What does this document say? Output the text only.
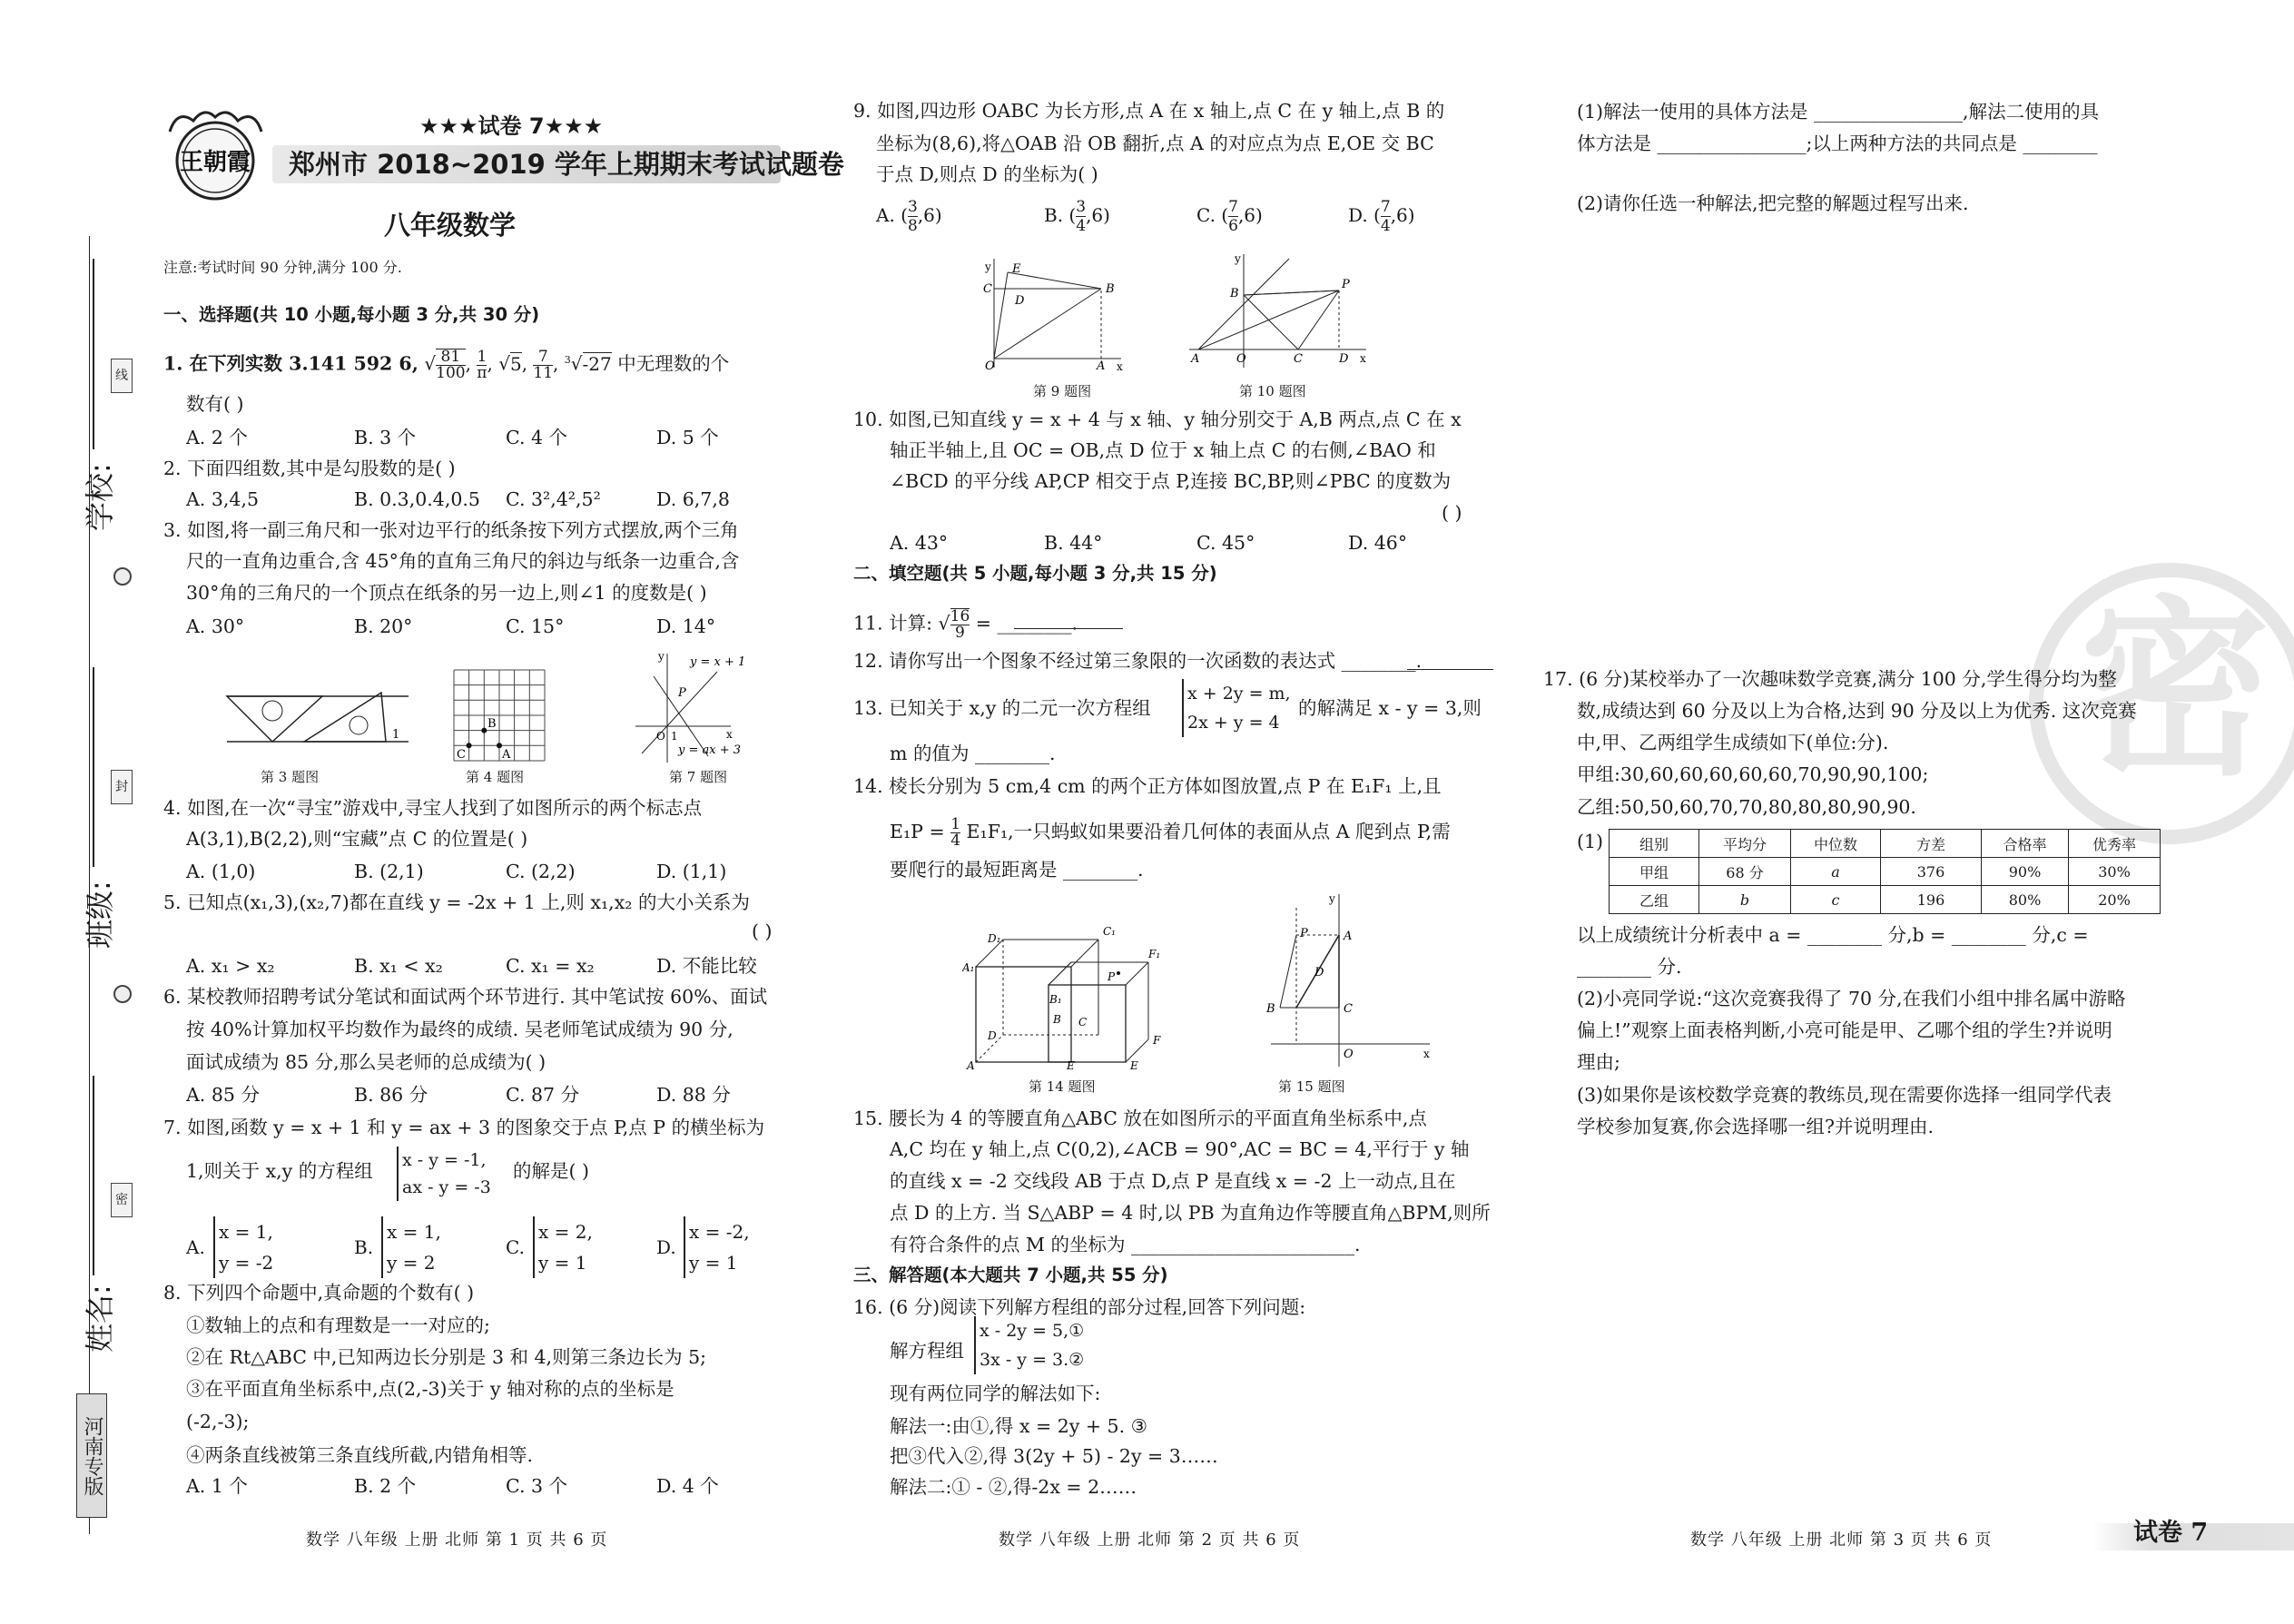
线
封
密
学校:
班级:
姓名:
河南专版
王朝霞
★★★试卷 7★★★
郑州市 2018~2019 学年上期期末考试试题卷
八年级数学
注意:考试时间 90 分钟,满分 100 分.
一、选择题(共 10 小题,每小题 3 分,共 30 分)
1. 在下列实数 3.141 592 6, √ $\frac{81}{100}$ , $\frac{1}{\pi}$ , √5, $\frac{7}{11}$ , $^3$√-27 中无理数的个
数有( )
A. 2 个	B. 3 个	C. 4 个	D. 5 个
2. 下面四组数,其中是勾股数的是( )
A. 3,4,5	B. 0.3,0.4,0.5 C. 3²,4²,5²	D. 6,7,8
3. 如图,将一副三角尺和一张对边平行的纸条按下列方式摆放,两个三角
尺的一直角边重合,含 45°角的直角三角尺的斜边与纸条一边重合,含
30°角的三角尺的一个顶点在纸条的另一边上,则∠1 的度数是( )
A. 30°	B. 20°	C. 15°	D. 14°
1
第 3 题图
B
C	A
第 4 题图
x
y y = x + 1
P
O 1
y = ax + 3
第 7 题图
4. 如图,在一次“寻宝”游戏中,寻宝人找到了如图所示的两个标志点
A(3,1),B(2,2),则“宝藏”点 C 的位置是( )
A. (1,0)	B. (2,1)	C. (2,2)	D. (1,1)
5. 已知点(x₁,3),(x₂,7)都在直线 y = -2x + 1 上,则 x₁,x₂ 的大小关系为
( )
A. x₁ > x₂	B. x₁ < x₂	C. x₁ = x₂	D. 不能比较
6. 某校教师招聘考试分笔试和面试两个环节进行. 其中笔试按 60%、面试
按 40%计算加权平均数作为最终的成绩. 吴老师笔试成绩为 90 分,
面试成绩为 85 分,那么吴老师的总成绩为( )
A. 85 分	B. 86 分	C. 87 分	D. 88 分
7. 如图,函数 y = x + 1 和 y = ax + 3 的图象交于点 P,点 P 的横坐标为
1,则关于 x,y 的方程组 x - y = -1,
ax - y = -3
的解是( )
A.
x = 1,
y = -2
B.
x = 1,
y = 2
C.
x = 2,
y = 1
D.
x = -2,
y = 1
8. 下列四个命题中,真命题的个数有( )
①数轴上的点和有理数是一一对应的;
②在 Rt△ABC 中,已知两边长分别是 3 和 4,则第三条边长为 5;
③在平面直角坐标系中,点(2,-3)关于 y 轴对称的点的坐标是
(-2,-3);
④两条直线被第三条直线所截,内错角相等.
A. 1 个	B. 2 个	C. 3 个	D. 4 个
数学 八年级 上册 北师 第 1 页 共 6 页
9. 如图,四边形 OABC 为长方形,点 A 在 x 轴上,点 C 在 y 轴上,点 B 的
坐标为(8,6),将△OAB 沿 OB 翻折,点 A 的对应点为点 E,OE 交 BC
于点 D,则点 D 的坐标为( )
A. ( $\frac{3}{8} ,6$)	B. ( $\frac{3}{4} ,6$)	C. ( $\frac{7}{6} ,6$)	D. ( $\frac{7}{4} ,6$)
x
y E
C
D
B
O	A
第 9 题图
x
y
P
B
A	O	C	D
第 10 题图
10. 如图,已知直线 y = x + 4 与 x 轴、y 轴分别交于 A,B 两点,点 C 在 x
轴正半轴上,且 OC = OB,点 D 位于 x 轴上点 C 的右侧,∠BAO 和
∠BCD 的平分线 AP,CP 相交于点 P,连接 BC,BP,则∠PBC 的度数为
( )
A. 43°	B. 44°	C. 45°	D. 46°
二、填空题(共 5 小题,每小题 3 分,共 15 分)
11. 计算: √ $\frac{16}{9}$ = ________.
12. 请你写出一个图象不经过第三象限的一次函数的表达式 ________.
13. 已知关于 x,y 的二元一次方程组
x + 2y = m,
2x + y = 4
的解满足 x - y = 3,则
m 的值为 ________.
14. 棱长分别为 5 cm,4 cm 的两个正方体如图放置,点 P 在 E₁F₁ 上,且
$E_1P = \frac{1}{4} E_1F_1$,一只蚂蚁如果要沿着几何体的表面从点 A 爬到点 P,需
要爬行的最短距离是 ________.
A₁
D₁
B₁
B
D
A	E
C₁
P
F₁
C
F
E
第 14 题图
x
y
P	A
D
B	C
O
第 15 题图
15. 腰长为 4 的等腰直角△ABC 放在如图所示的平面直角坐标系中,点
A,C 均在 y 轴上,点 C(0,2),∠ACB = 90°,AC = BC = 4,平行于 y 轴
的直线 x = -2 交线段 AB 于点 D,点 P 是直线 x = -2 上一动点,且在
点 D 的上方. 当 S△ABP = 4 时,以 PB 为直角边作等腰直角△BPM,则所
有符合条件的点 M 的坐标为 ________________________.
三、解答题(本大题共 7 小题,共 55 分)
16. (6 分)阅读下列解方程组的部分过程,回答下列问题:
解方程组
x - 2y = 5,①
3x - y = 3.②
现有两位同学的解法如下:
解法一:由①,得 x = 2y + 5. ③
把③代入②,得 3(2y + 5) - 2y = 3……
解法二:① - ②,得-2x = 2……
数学 八年级 上册 北师 第 2 页 共 6 页
(1)解法一使用的具体方法是 ________________,解法二使用的具
体方法是 ________________;以上两种方法的共同点是 ________
(2)请你任选一种解法,把完整的解题过程写出来.
密
17. (6 分)某校举办了一次趣味数学竞赛,满分 100 分,学生得分均为整
数,成绩达到 60 分及以上为合格,达到 90 分及以上为优秀. 这次竞赛
中,甲、乙两组学生成绩如下(单位:分).
甲组:30,60,60,60,60,60,70,90,90,100;
乙组:50,50,60,70,70,80,80,80,90,90.
(1) 组别	平均分	中位数	方差	合格率	优秀率
甲组	68 分	a	376	90%	30%
乙组	b	c	196	80%	20%
以上成绩统计分析表中 a = ________ 分,b = ________ 分,c =
________ 分.
(2)小亮同学说:“这次竞赛我得了 70 分,在我们小组中排名属中游略
偏上!”观察上面表格判断,小亮可能是甲、乙哪个组的学生?并说明
理由;
(3)如果你是该校数学竞赛的教练员,现在需要你选择一组同学代表
学校参加复赛,你会选择哪一组?并说明理由.
数学 八年级 上册 北师 第 3 页 共 6 页	试卷 7
